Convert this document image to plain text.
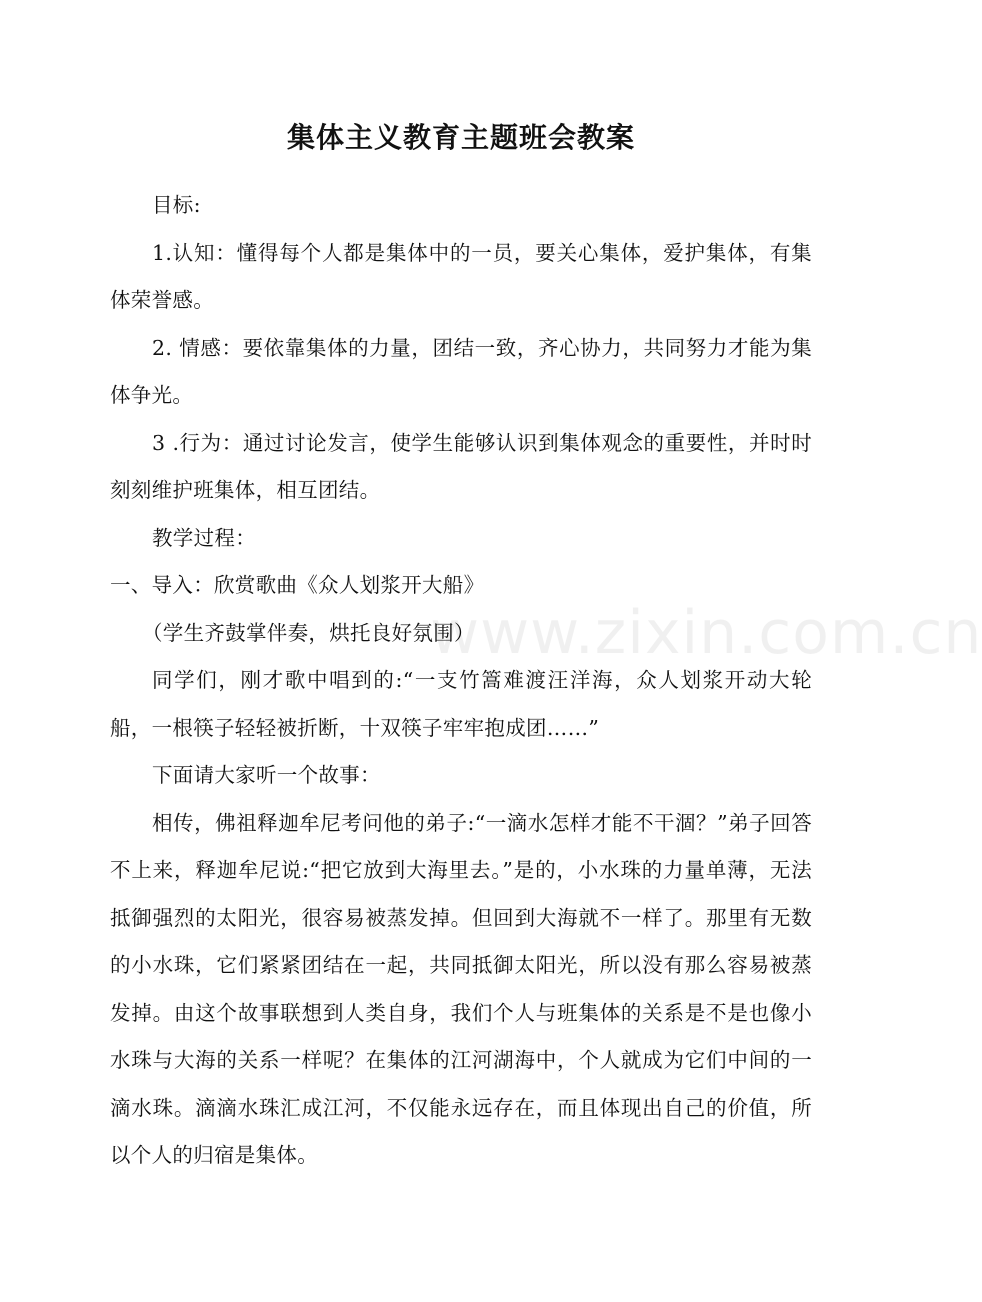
集体主义教育主题班会教案

目标:

1.认知：懂得每个人都是集体中的一员，要关心集体，爱护集体，有集体荣誉感。

2. 情感：要依靠集体的力量，团结一致，齐心协力，共同努力才能为集体争光。

3 .行为：通过讨论发言，使学生能够认识到集体观念的重要性，并时时刻刻维护班集体，相互团结。

教学过程：

一、导入：欣赏歌曲《众人划浆开大船》

（学生齐鼓掌伴奏，烘托良好氛围）

同学们，刚才歌中唱到的:“一支竹篙难渡汪洋海，众人划浆开动大轮船，一根筷子轻轻被折断，十双筷子牢牢抱成团……”

下面请大家听一个故事：

相传，佛祖释迦牟尼考问他的弟子:“一滴水怎样才能不干涸？”弟子回答不上来，释迦牟尼说:“把它放到大海里去。”是的，小水珠的力量单薄，无法抵御强烈的太阳光，很容易被蒸发掉。但回到大海就不一样了。那里有无数的小水珠，它们紧紧团结在一起，共同抵御太阳光，所以没有那么容易被蒸发掉。由这个故事联想到人类自身，我们个人与班集体的关系是不是也像小水珠与大海的关系一样呢？在集体的江河湖海中，个人就成为它们中间的一滴水珠。滴滴水珠汇成江河，不仅能永远存在，而且体现出自己的价值，所以个人的归宿是集体。

www.zixin.com.cn
